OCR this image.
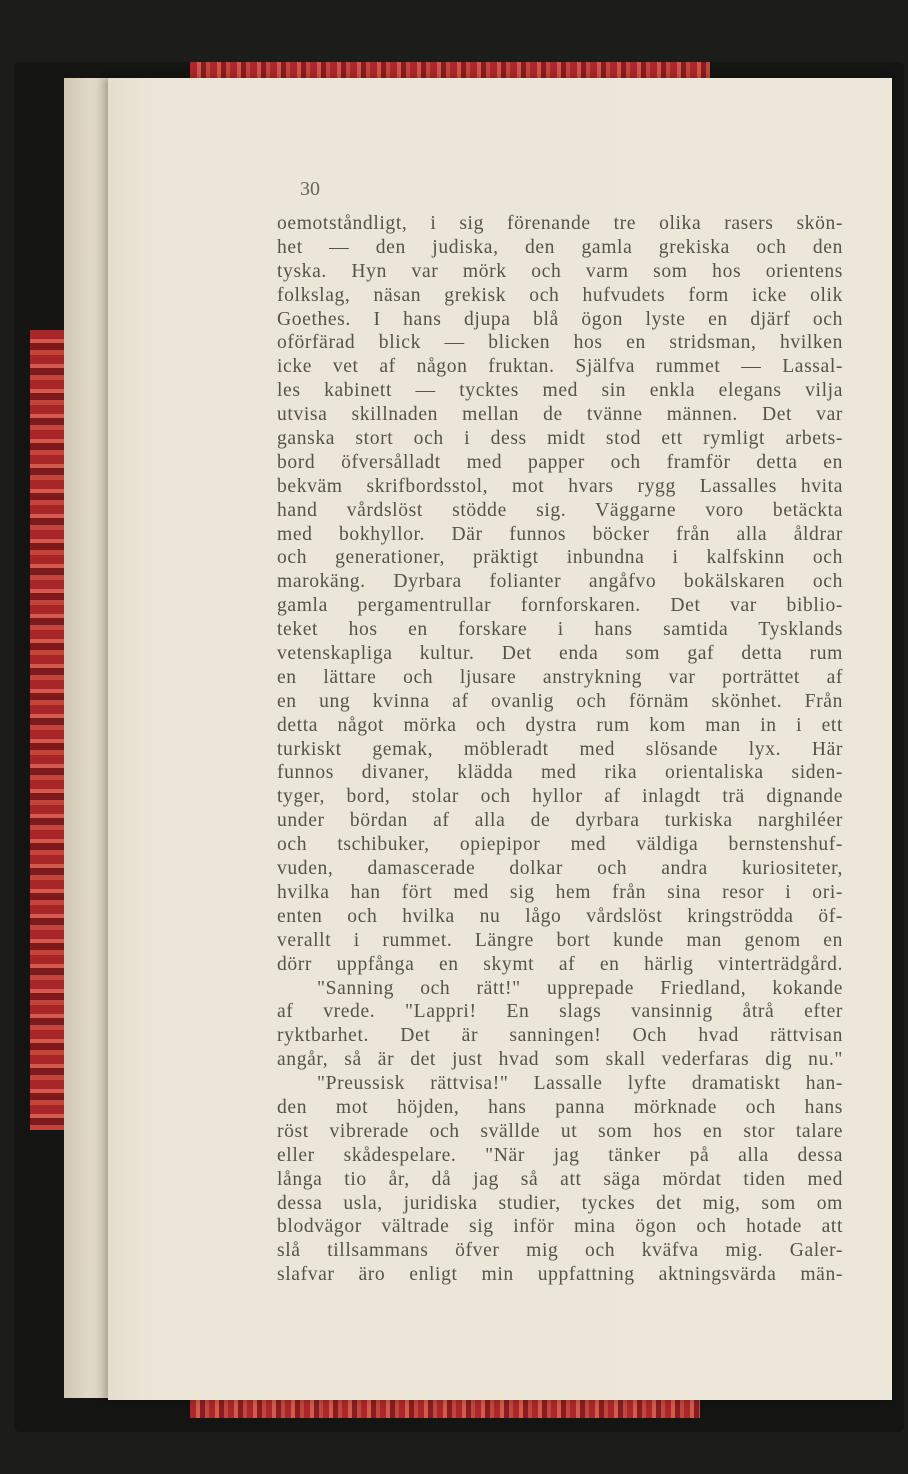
30
oemotståndligt, i sig förenande tre olika rasers skön-
het — den judiska, den gamla grekiska och den
tyska. Hyn var mörk och varm som hos orientens
folkslag, näsan grekisk och hufvudets form icke olik
Goethes. I hans djupa blå ögon lyste en djärf och
oförfärad blick — blicken hos en stridsman, hvilken
icke vet af någon fruktan. Själfva rummet — Lassal-
les kabinett — tycktes med sin enkla elegans vilja
utvisa skillnaden mellan de tvänne männen. Det var
ganska stort och i dess midt stod ett rymligt arbets-
bord öfversålladt med papper och framför detta en
bekväm skrifbordsstol, mot hvars rygg Lassalles hvita
hand vårdslöst stödde sig. Väggarne voro betäckta
med bokhyllor. Där funnos böcker från alla åldrar
och generationer, präktigt inbundna i kalfskinn och
marokäng. Dyrbara folianter angåfvo bokälskaren och
gamla pergamentrullar fornforskaren. Det var biblio-
teket hos en forskare i hans samtida Tysklands
vetenskapliga kultur. Det enda som gaf detta rum
en lättare och ljusare anstrykning var porträttet af
en ung kvinna af ovanlig och förnäm skönhet. Från
detta något mörka och dystra rum kom man in i ett
turkiskt gemak, möbleradt med slösande lyx. Här
funnos divaner, klädda med rika orientaliska siden-
tyger, bord, stolar och hyllor af inlagdt trä dignande
under bördan af alla de dyrbara turkiska narghiléer
och tschibuker, opiepipor med väldiga bernstenshuf-
vuden, damascerade dolkar och andra kuriositeter,
hvilka han fört med sig hem från sina resor i ori-
enten och hvilka nu lågo vårdslöst kringströdda öf-
verallt i rummet. Längre bort kunde man genom en
dörr uppfånga en skymt af en härlig vinterträdgård.
"Sanning och rätt!" upprepade Friedland, kokande
af vrede. "Lappri! En slags vansinnig åtrå efter
ryktbarhet. Det är sanningen! Och hvad rättvisan
angår, så är det just hvad som skall vederfaras dig nu."
"Preussisk rättvisa!" Lassalle lyfte dramatiskt han-
den mot höjden, hans panna mörknade och hans
röst vibrerade och svällde ut som hos en stor talare
eller skådespelare. "När jag tänker på alla dessa
långa tio år, då jag så att säga mördat tiden med
dessa usla, juridiska studier, tyckes det mig, som om
blodvägor vältrade sig inför mina ögon och hotade att
slå tillsammans öfver mig och kväfva mig. Galer-
slafvar äro enligt min uppfattning aktningsvärda män-
